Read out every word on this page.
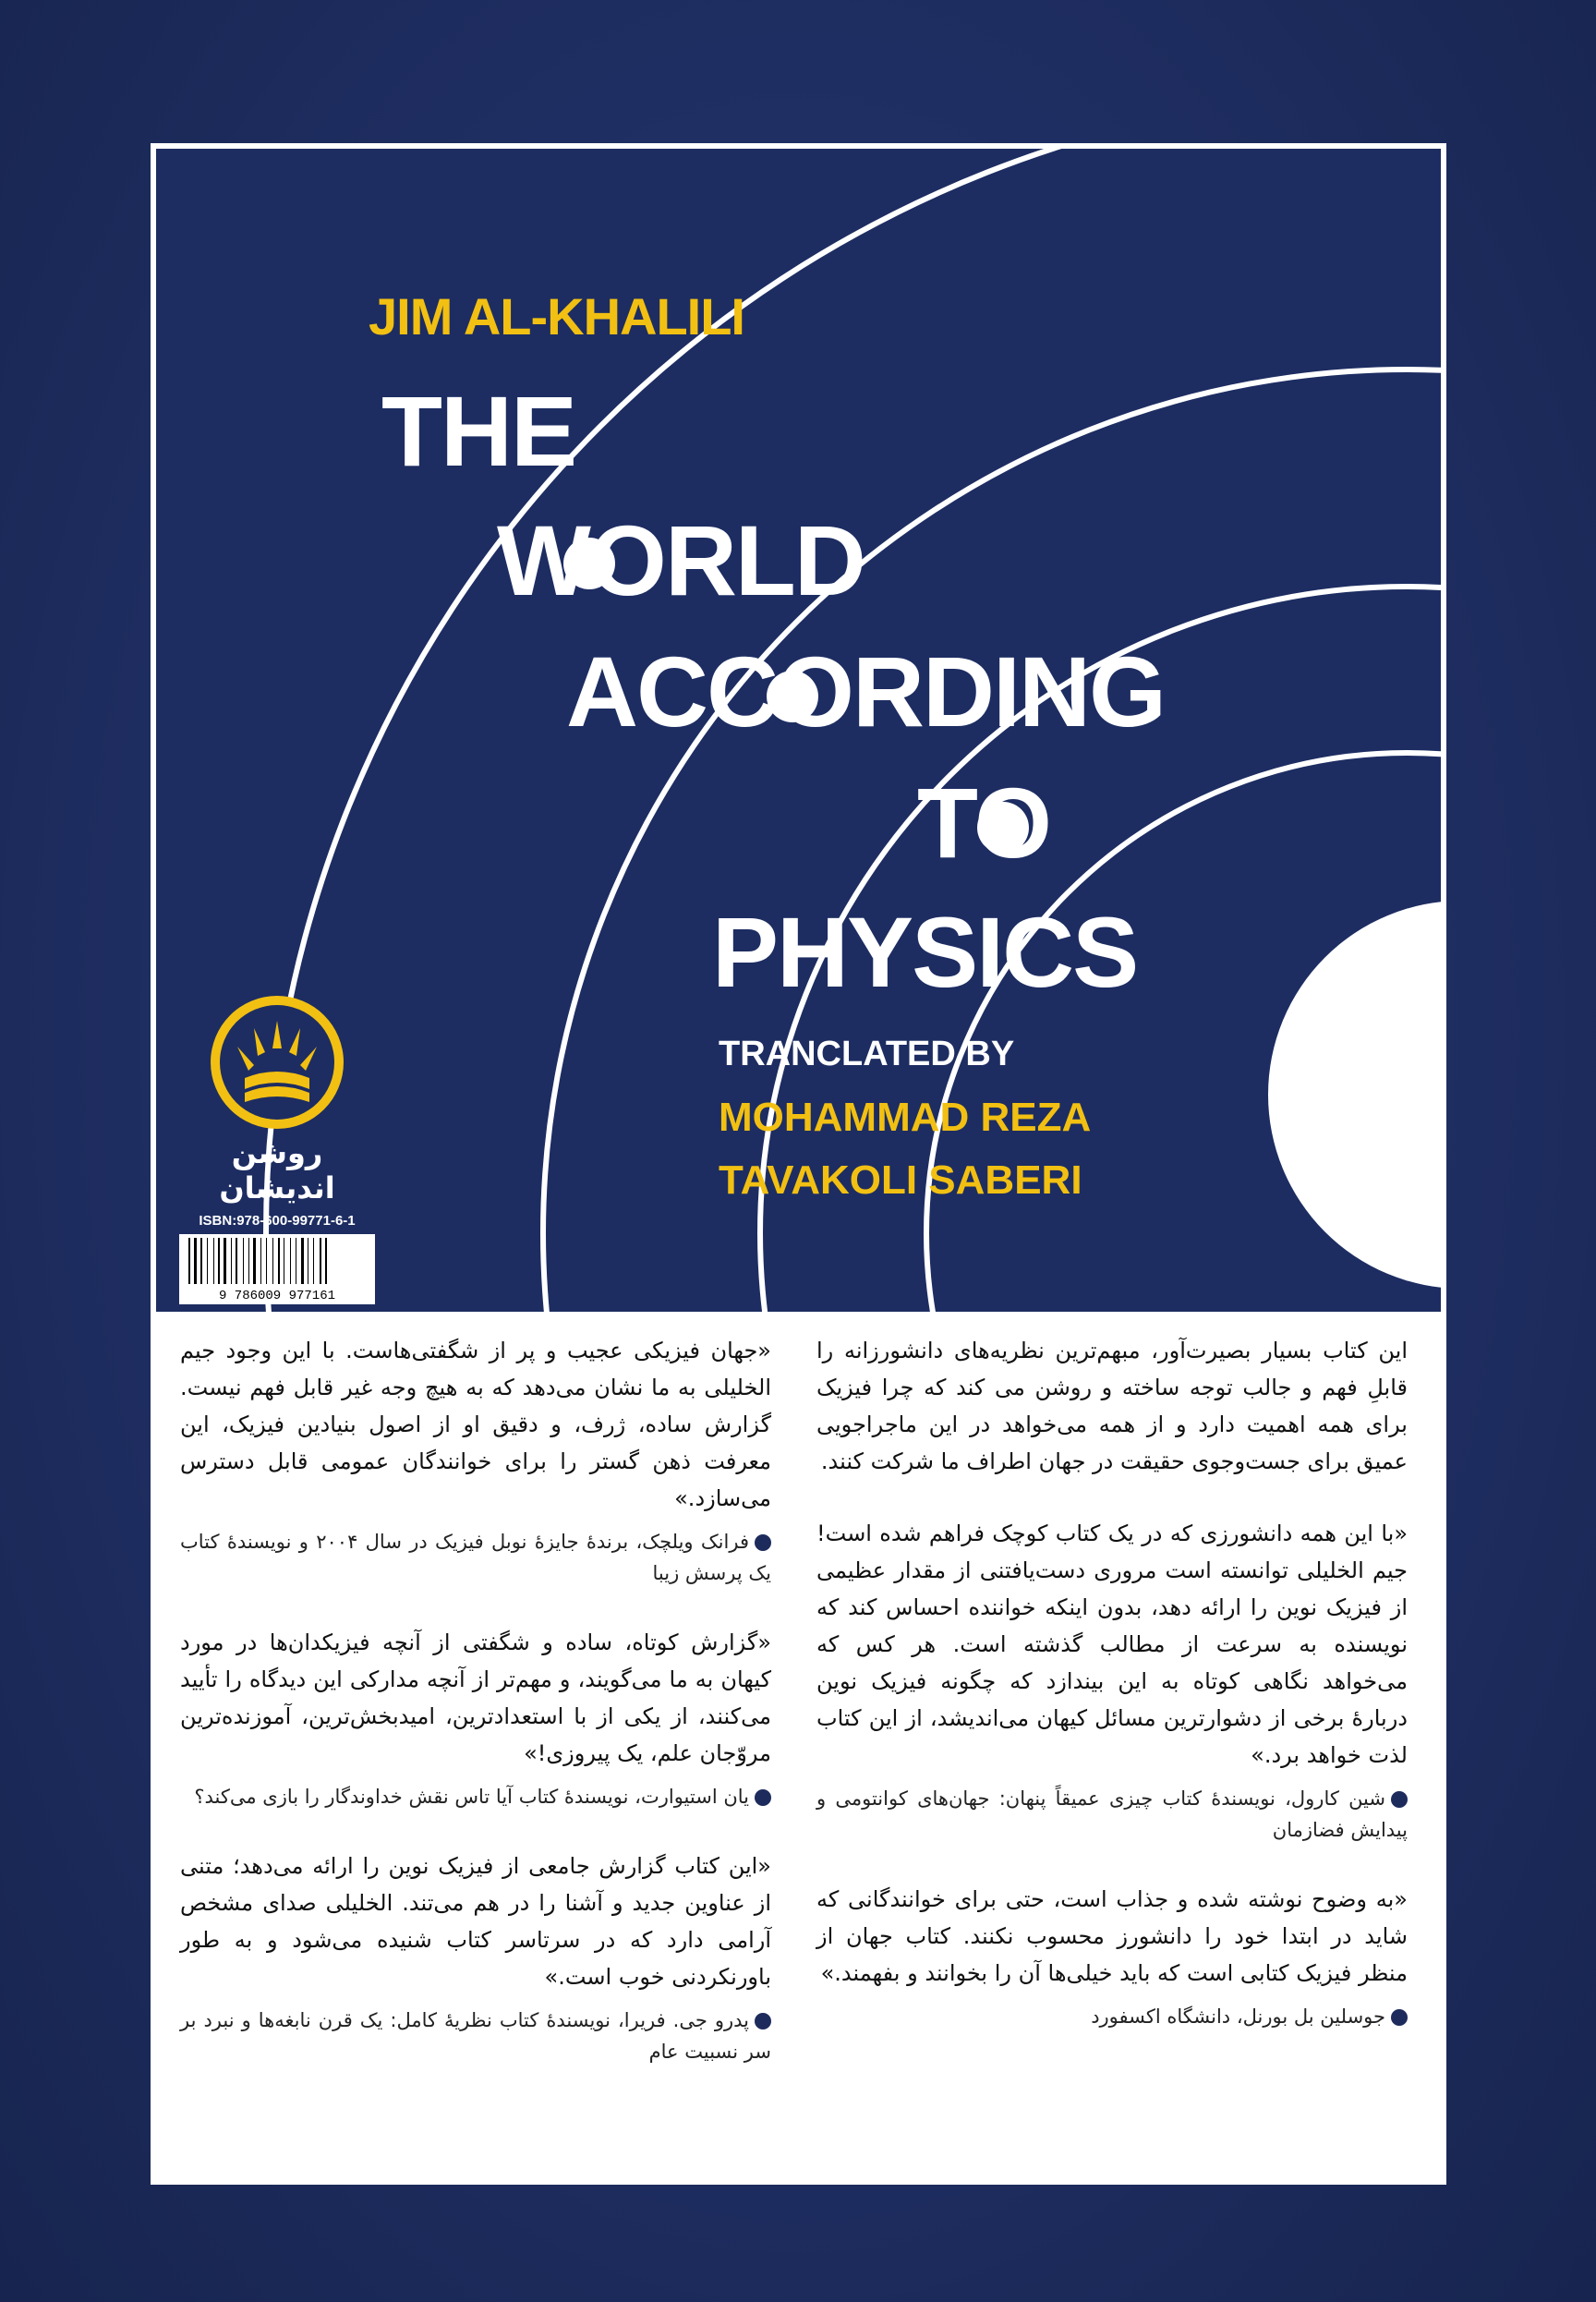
JIM AL-KHALILI
THE
WORLD
ACCORDING
TO
PHYSICS
TRANCLATED BY
MOHAMMAD REZA
TAVAKOLI SABERI
روشن اندیشان
ISBN:978-600-99771-6-1
9 786009 977161

این کتاب بسیار بصیرت‌آور، مبهم‌ترین نظریه‌های دانشورزانه را قابلِ فهم و جالب توجه ساخته و روشن می کند که چرا فیزیک برای همه اهمیت دارد و از همه می‌خواهد در این ماجراجویی عمیق برای جست‌وجوی حقیقت در جهان اطراف ما شرکت کنند.

«با این همه دانشورزی که در یک کتاب کوچک فراهم شده است! جیم الخلیلی توانسته است مروری دست‌یافتنی از مقدار عظیمی از فیزیک نوین را ارائه دهد، بدون اینکه خواننده احساس کند که نویسنده به سرعت از مطالب گذشته است. هر کس که می‌خواهد نگاهی کوتاه به این بیندازد که چگونه فیزیک نوین دربارهٔ برخی از دشوارترین مسائل کیهان می‌اندیشد، از این کتاب لذت خواهد برد.»

شین کارول، نویسندهٔ کتاب چیزی عمیقاً پنهان: جهان‌های کوانتومی و پیدایش فضازمان

«به وضوح نوشته شده و جذاب است، حتی برای خوانندگانی که شاید در ابتدا خود را دانشورز محسوب نکنند. کتاب جهان از منظر فیزیک کتابی است که باید خیلی‌ها آن را بخوانند و بفهمند.»

جوسلین بل بورنل، دانشگاه اکسفورد

«جهان فیزیکی عجیب و پر از شگفتی‌هاست. با این وجود جیم الخلیلی به ما نشان می‌دهد که به هیچ وجه غیر قابل فهم نیست. گزارش ساده، ژرف، و دقیق او از اصول بنیادین فیزیک، این معرفت ذهن گستر را برای خوانندگان عمومی قابل دسترس می‌سازد.»

فرانک ویلچک، برندهٔ جایزهٔ نوبل فیزیک در سال ۲۰۰۴ و نویسندهٔ کتاب یک پرسش زیبا

«گزارش کوتاه، ساده و شگفتی از آنچه فیزیکدان‌ها در مورد کیهان به ما می‌گویند، و مهم‌تر از آنچه مدارکی این دیدگاه را تأیید می‌کنند، از یکی از با استعدادترین، امیدبخش‌ترین، آموزنده‌ترین مروّجان علم، یک پیروزی!»

یان استیوارت، نویسندهٔ کتاب آیا تاس نقش خداوندگار را بازی می‌کند؟

«این کتاب گزارش جامعی از فیزیک نوین را ارائه می‌دهد؛ متنی از عناوین جدید و آشنا را در هم می‌تند. الخلیلی صدای مشخص آرامی دارد که در سرتاسر کتاب شنیده می‌شود و به طور باورنکردنی خوب است.»

پدرو جی. فریرا، نویسندهٔ کتاب نظریهٔ کامل: یک قرن نابغه‌ها و نبرد بر سر نسبیت عام
